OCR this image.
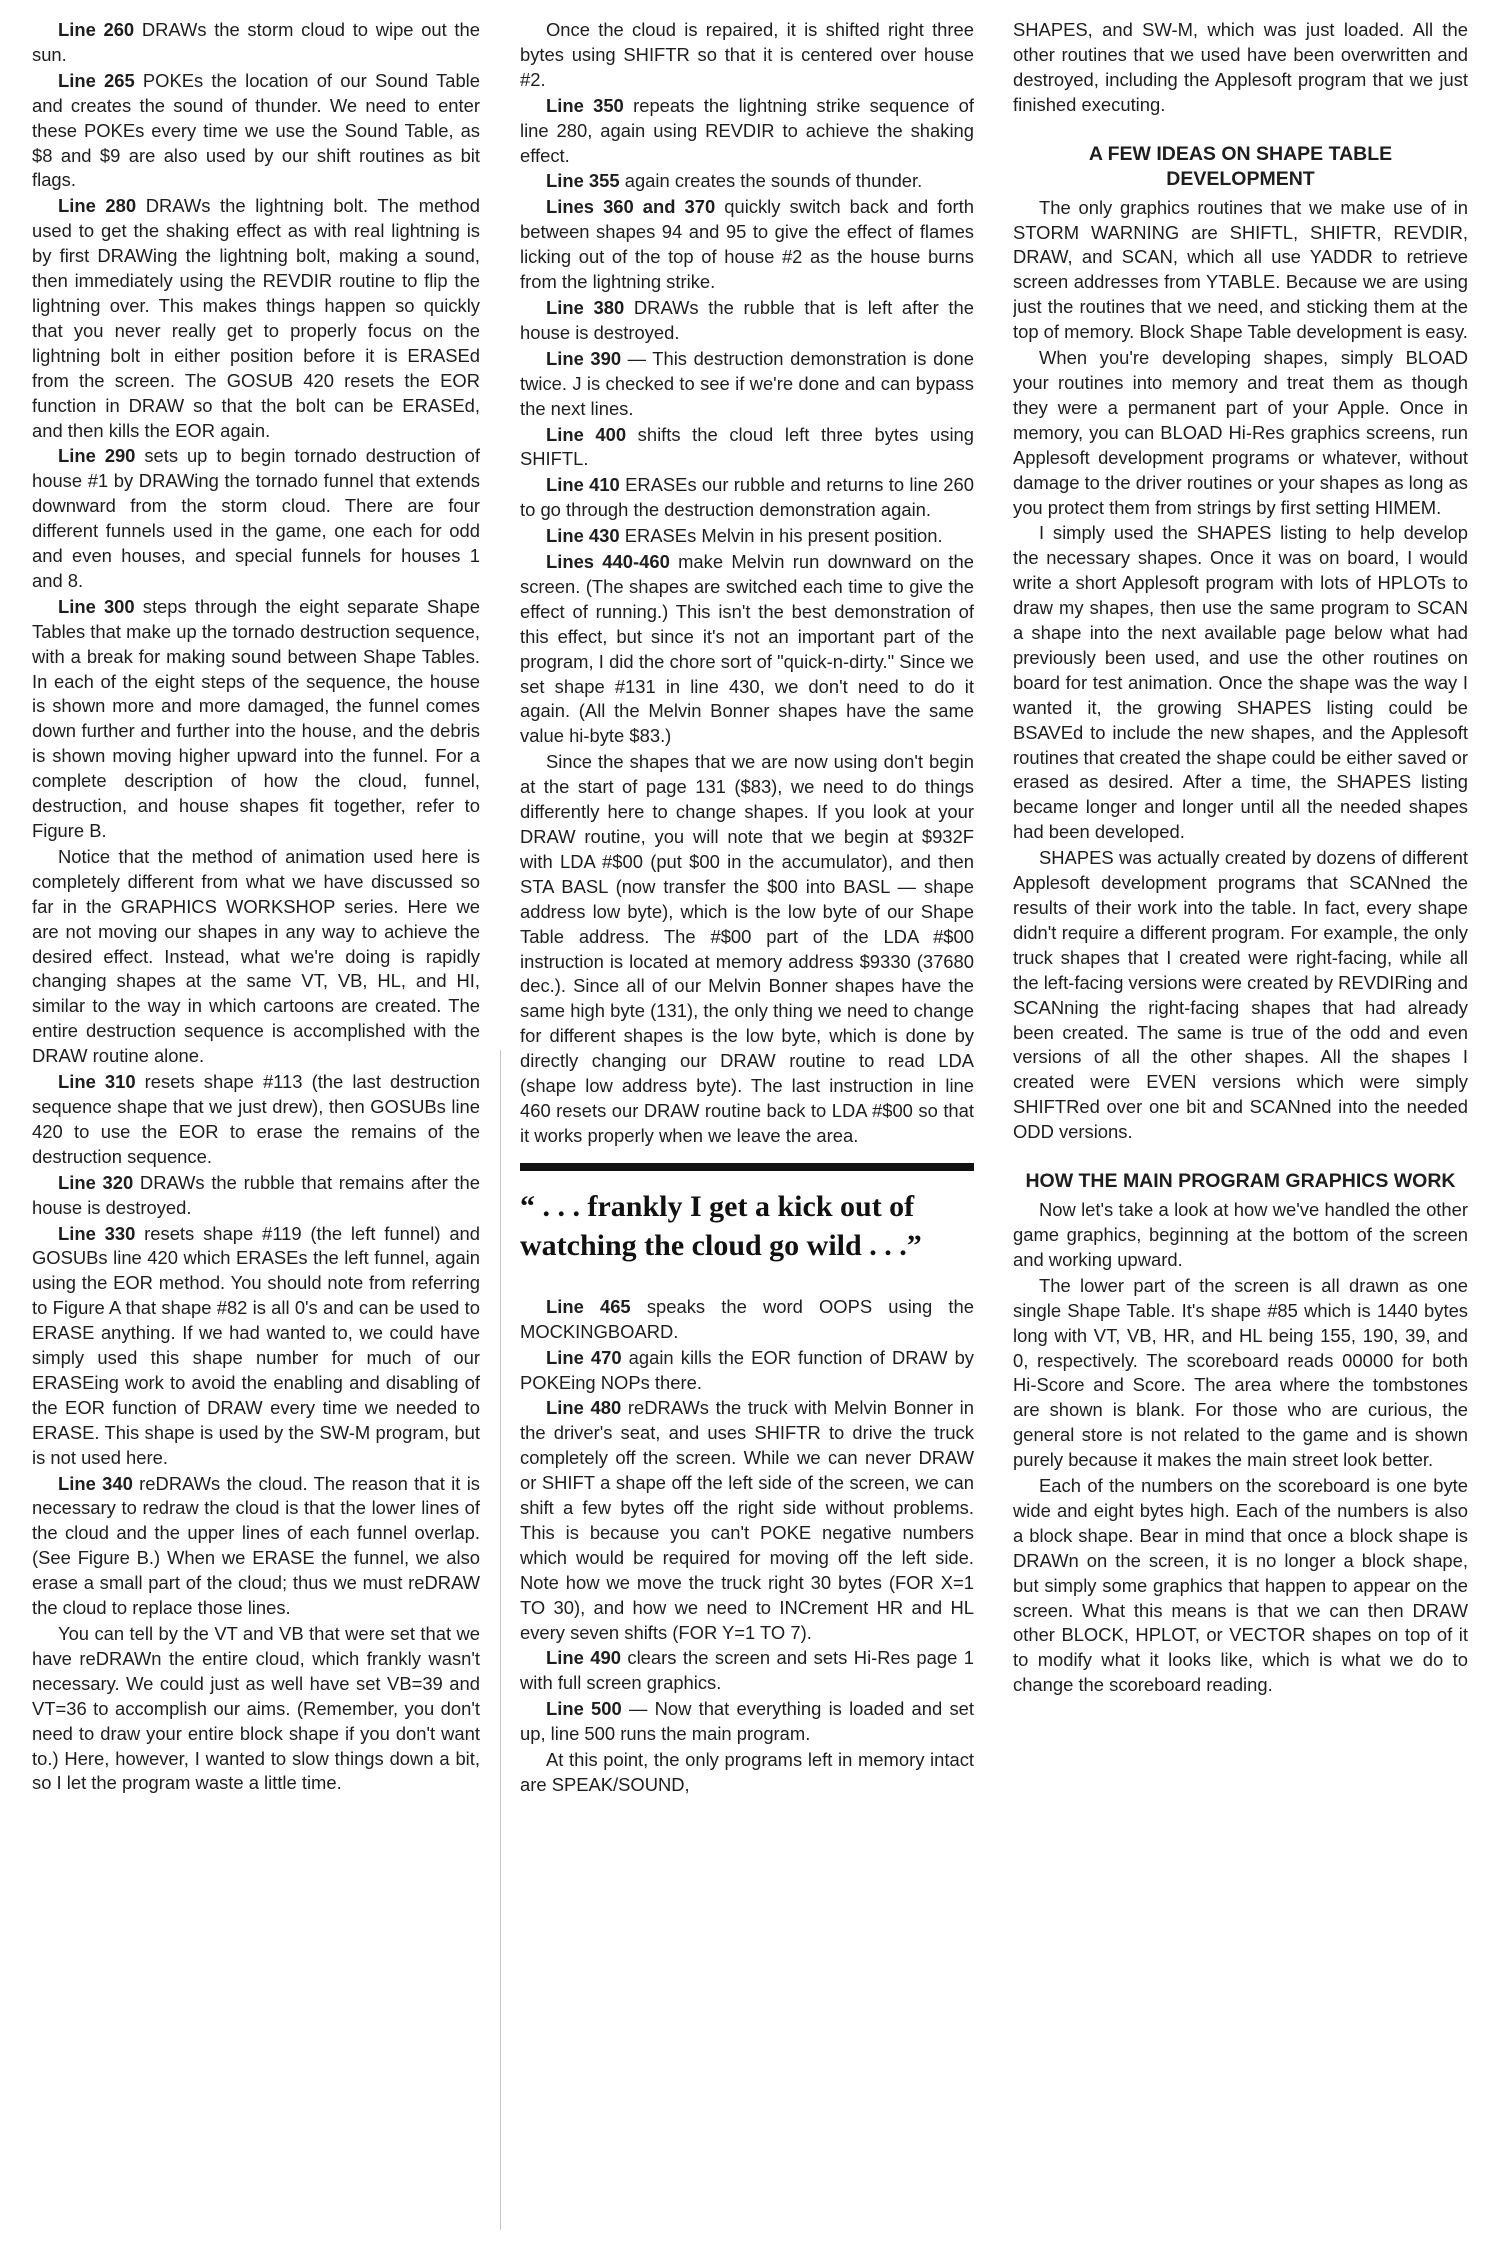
Line 260 DRAWs the storm cloud to wipe out the sun.

Line 265 POKEs the location of our Sound Table and creates the sound of thunder. We need to enter these POKEs every time we use the Sound Table, as $8 and $9 are also used by our shift routines as bit flags.

Line 280 DRAWs the lightning bolt. The method used to get the shaking effect as with real lightning is by first DRAWing the lightning bolt, making a sound, then immediately using the REVDIR routine to flip the lightning over. This makes things happen so quickly that you never really get to properly focus on the lightning bolt in either position before it is ERASEd from the screen. The GOSUB 420 resets the EOR function in DRAW so that the bolt can be ERASEd, and then kills the EOR again.

Line 290 sets up to begin tornado destruction of house #1 by DRAWing the tornado funnel that extends downward from the storm cloud. There are four different funnels used in the game, one each for odd and even houses, and special funnels for houses 1 and 8.

Line 300 steps through the eight separate Shape Tables that make up the tornado destruction sequence, with a break for making sound between Shape Tables. In each of the eight steps of the sequence, the house is shown more and more damaged, the funnel comes down further and further into the house, and the debris is shown moving higher upward into the funnel. For a complete description of how the cloud, funnel, destruction, and house shapes fit together, refer to Figure B.

Notice that the method of animation used here is completely different from what we have discussed so far in the GRAPHICS WORKSHOP series. Here we are not moving our shapes in any way to achieve the desired effect. Instead, what we're doing is rapidly changing shapes at the same VT, VB, HL, and HI, similar to the way in which cartoons are created. The entire destruction sequence is accomplished with the DRAW routine alone.

Line 310 resets shape #113 (the last destruction sequence shape that we just drew), then GOSUBs line 420 to use the EOR to erase the remains of the destruction sequence.

Line 320 DRAWs the rubble that remains after the house is destroyed.

Line 330 resets shape #119 (the left funnel) and GOSUBs line 420 which ERASEs the left funnel, again using the EOR method. You should note from referring to Figure A that shape #82 is all 0's and can be used to ERASE anything. If we had wanted to, we could have simply used this shape number for much of our ERASEing work to avoid the enabling and disabling of the EOR function of DRAW every time we needed to ERASE. This shape is used by the SW-M program, but is not used here.

Line 340 reDRAWs the cloud. The reason that it is necessary to redraw the cloud is that the lower lines of the cloud and the upper lines of each funnel overlap. (See Figure B.) When we ERASE the funnel, we also erase a small part of the cloud; thus we must reDRAW the cloud to replace those lines.

You can tell by the VT and VB that were set that we have reDRAWn the entire cloud, which frankly wasn't necessary. We could just as well have set VB=39 and VT=36 to accomplish our aims. (Remember, you don't need to draw your entire block shape if you don't want to.) Here, however, I wanted to slow things down a bit, so I let the program waste a little time.

Once the cloud is repaired, it is shifted right three bytes using SHIFTR so that it is centered over house #2.

Line 350 repeats the lightning strike sequence of line 280, again using REVDIR to achieve the shaking effect.

Line 355 again creates the sounds of thunder.

Lines 360 and 370 quickly switch back and forth between shapes 94 and 95 to give the effect of flames licking out of the top of house #2 as the house burns from the lightning strike.

Line 380 DRAWs the rubble that is left after the house is destroyed.

Line 390 — This destruction demonstration is done twice. J is checked to see if we're done and can bypass the next lines.

Line 400 shifts the cloud left three bytes using SHIFTL.

Line 410 ERASEs our rubble and returns to line 260 to go through the destruction demonstration again.

Line 430 ERASEs Melvin in his present position.

Lines 440-460 make Melvin run downward on the screen. (The shapes are switched each time to give the effect of running.) This isn't the best demonstration of this effect, but since it's not an important part of the program, I did the chore sort of "quick-n-dirty." Since we set shape #131 in line 430, we don't need to do it again. (All the Melvin Bonner shapes have the same value hi-byte $83.)

Since the shapes that we are now using don't begin at the start of page 131 ($83), we need to do things differently here to change shapes. If you look at your DRAW routine, you will note that we begin at $932F with LDA #$00 (put $00 in the accumulator), and then STA BASL (now transfer the $00 into BASL — shape address low byte), which is the low byte of our Shape Table address. The #$00 part of the LDA #$00 instruction is located at memory address $9330 (37680 dec.). Since all of our Melvin Bonner shapes have the same high byte (131), the only thing we need to change for different shapes is the low byte, which is done by directly changing our DRAW routine to read LDA (shape low address byte). The last instruction in line 460 resets our DRAW routine back to LDA #$00 so that it works properly when we leave the area.

“ . . . frankly I get a kick out of watching the cloud go wild . . .”

Line 465 speaks the word OOPS using the MOCKINGBOARD.

Line 470 again kills the EOR function of DRAW by POKEing NOPs there.

Line 480 reDRAWs the truck with Melvin Bonner in the driver's seat, and uses SHIFTR to drive the truck completely off the screen. While we can never DRAW or SHIFT a shape off the left side of the screen, we can shift a few bytes off the right side without problems. This is because you can't POKE negative numbers which would be required for moving off the left side. Note how we move the truck right 30 bytes (FOR X=1 TO 30), and how we need to INCrement HR and HL every seven shifts (FOR Y=1 TO 7).

Line 490 clears the screen and sets Hi-Res page 1 with full screen graphics.

Line 500 — Now that everything is loaded and set up, line 500 runs the main program.

At this point, the only programs left in memory intact are SPEAK/SOUND,

SHAPES, and SW-M, which was just loaded. All the other routines that we used have been overwritten and destroyed, including the Applesoft program that we just finished executing.

A FEW IDEAS ON SHAPE TABLE DEVELOPMENT

The only graphics routines that we make use of in STORM WARNING are SHIFTL, SHIFTR, REVDIR, DRAW, and SCAN, which all use YADDR to retrieve screen addresses from YTABLE. Because we are using just the routines that we need, and sticking them at the top of memory. Block Shape Table development is easy.

When you're developing shapes, simply BLOAD your routines into memory and treat them as though they were a permanent part of your Apple. Once in memory, you can BLOAD Hi-Res graphics screens, run Applesoft development programs or whatever, without damage to the driver routines or your shapes as long as you protect them from strings by first setting HIMEM.

I simply used the SHAPES listing to help develop the necessary shapes. Once it was on board, I would write a short Applesoft program with lots of HPLOTs to draw my shapes, then use the same program to SCAN a shape into the next available page below what had previously been used, and use the other routines on board for test animation. Once the shape was the way I wanted it, the growing SHAPES listing could be BSAVEd to include the new shapes, and the Applesoft routines that created the shape could be either saved or erased as desired. After a time, the SHAPES listing became longer and longer until all the needed shapes had been developed.

SHAPES was actually created by dozens of different Applesoft development programs that SCANned the results of their work into the table. In fact, every shape didn't require a different program. For example, the only truck shapes that I created were right-facing, while all the left-facing versions were created by REVDIRing and SCANning the right-facing shapes that had already been created. The same is true of the odd and even versions of all the other shapes. All the shapes I created were EVEN versions which were simply SHIFTRed over one bit and SCANned into the needed ODD versions.

HOW THE MAIN PROGRAM GRAPHICS WORK

Now let's take a look at how we've handled the other game graphics, beginning at the bottom of the screen and working upward.

The lower part of the screen is all drawn as one single Shape Table. It's shape #85 which is 1440 bytes long with VT, VB, HR, and HL being 155, 190, 39, and 0, respectively. The scoreboard reads 00000 for both Hi-Score and Score. The area where the tombstones are shown is blank. For those who are curious, the general store is not related to the game and is shown purely because it makes the main street look better.

Each of the numbers on the scoreboard is one byte wide and eight bytes high. Each of the numbers is also a block shape. Bear in mind that once a block shape is DRAWn on the screen, it is no longer a block shape, but simply some graphics that happen to appear on the screen. What this means is that we can then DRAW other BLOCK, HPLOT, or VECTOR shapes on top of it to modify what it looks like, which is what we do to change the scoreboard reading.
